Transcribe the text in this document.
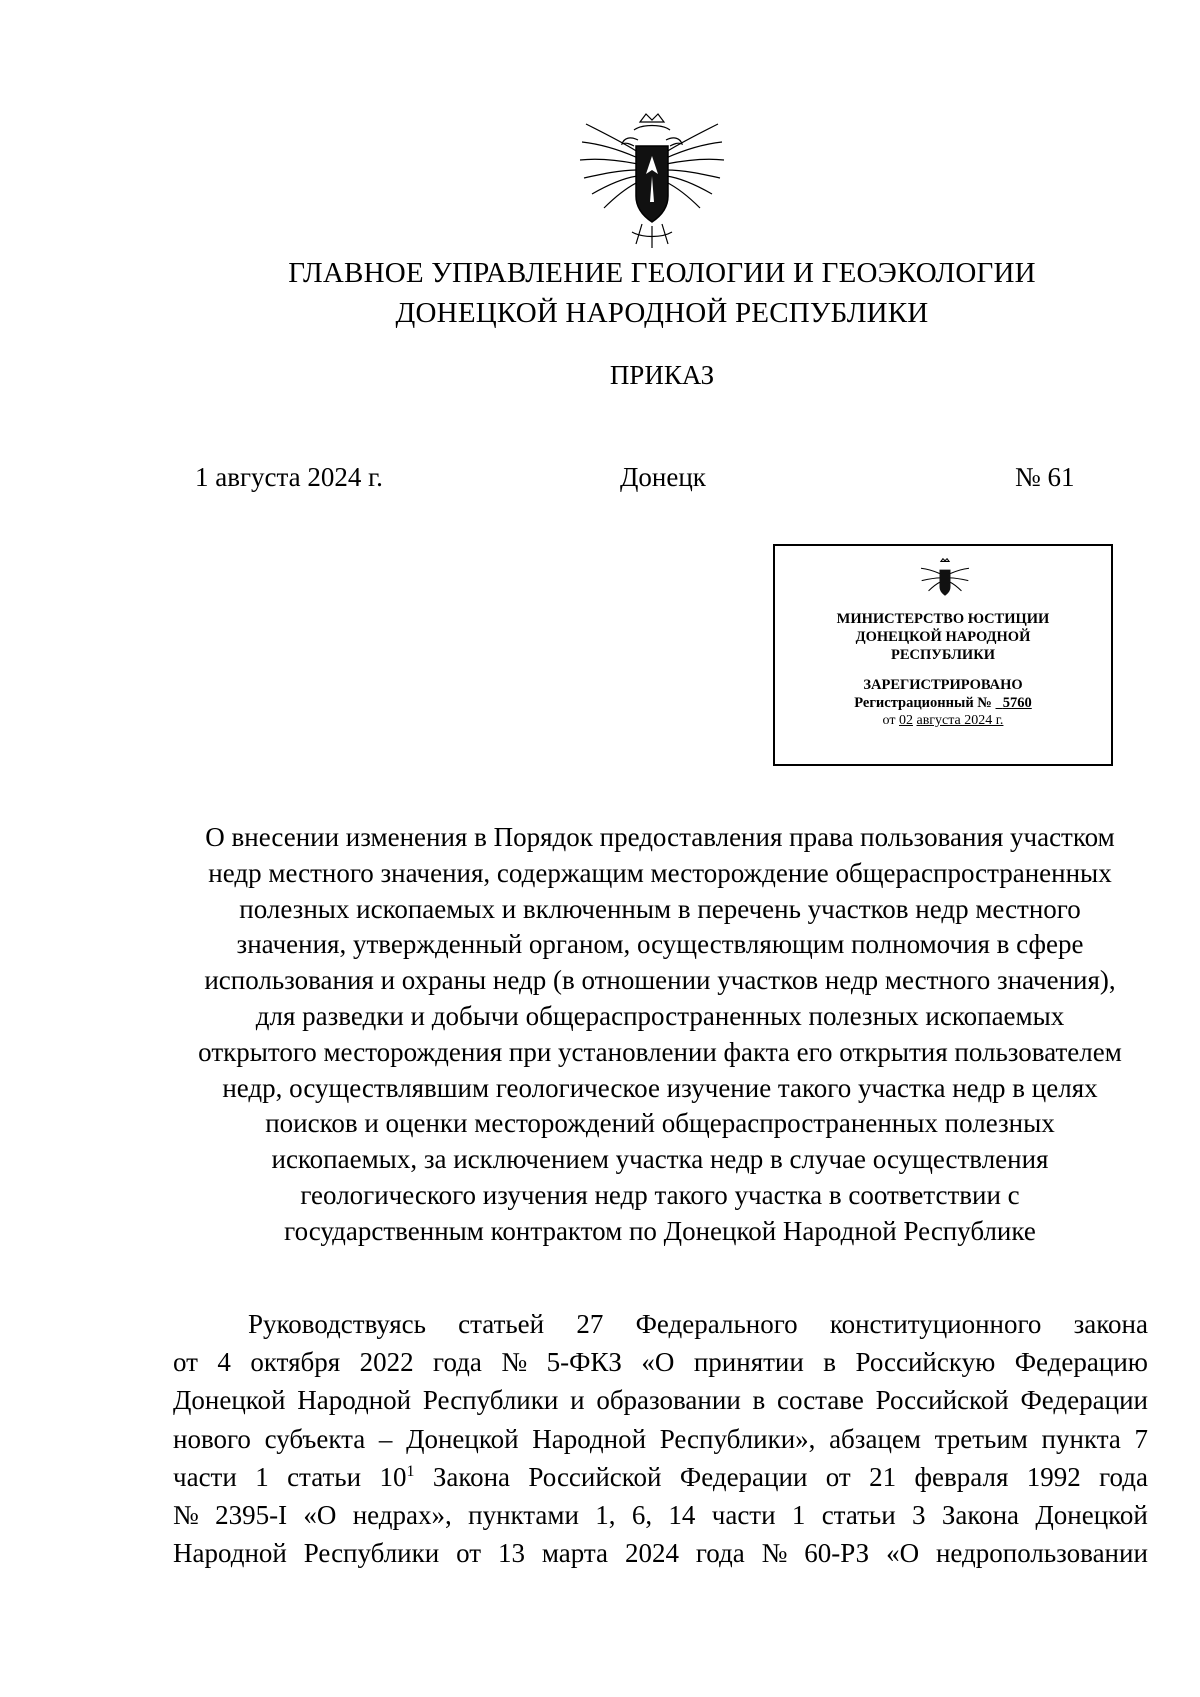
ГЛАВНОЕ УПРАВЛЕНИЕ ГЕОЛОГИИ И ГЕОЭКОЛОГИИ
ДОНЕЦКОЙ НАРОДНОЙ РЕСПУБЛИКИ
ПРИКАЗ
1 августа 2024 г.	Донецк	№ 61
МИНИСТЕРСТВО ЮСТИЦИИ
ДОНЕЦКОЙ НАРОДНОЙ
РЕСПУБЛИКИ
ЗАРЕГИСТРИРОВАНО
Регистрационный № 5760
от 02 августа 2024 г.
О внесении изменения в Порядок предоставления права пользования участком
недр местного значения, содержащим месторождение общераспространенных
полезных ископаемых и включенным в перечень участков недр местного
значения, утвержденный органом, осуществляющим полномочия в сфере
использования и охраны недр (в отношении участков недр местного значения),
для разведки и добычи общераспространенных полезных ископаемых
открытого месторождения при установлении факта его открытия пользователем
недр, осуществлявшим геологическое изучение такого участка недр в целях
поисков и оценки месторождений общераспространенных полезных
ископаемых, за исключением участка недр в случае осуществления
геологического изучения недр такого участка в соответствии с
государственным контрактом по Донецкой Народной Республике
Руководствуясь статьей 27 Федерального конституционного закона
от 4 октября 2022 года № 5-ФКЗ «О принятии в Российскую Федерацию
Донецкой Народной Республики и образовании в составе Российской Федерации
нового субъекта – Донецкой Народной Республики», абзацем третьим пункта 7
части 1 статьи $10^1$ Закона Российской Федерации от 21 февраля 1992 года
№ 2395-I «О недрах», пунктами 1, 6, 14 части 1 статьи 3 Закона Донецкой
Народной Республики от 13 марта 2024 года № 60-РЗ «О недропользовании
